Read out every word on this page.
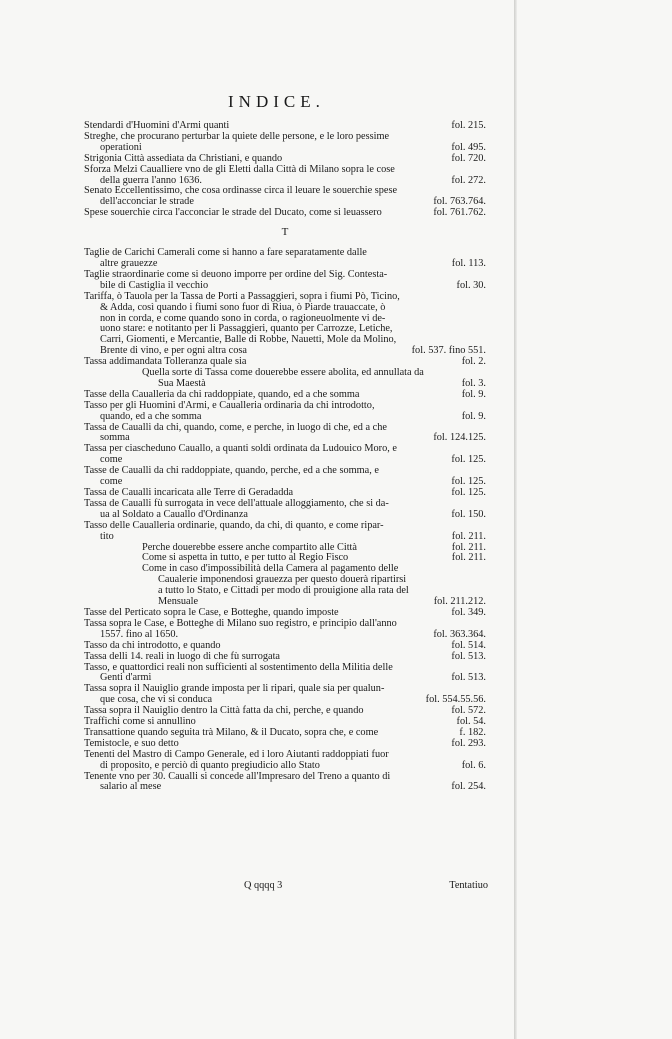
INDICE.
Stendardi d'Huomini d'Armi quanti	fol. 215.
Streghe, che procurano perturbar la quiete delle persone, e le loro pessime
operationi	fol. 495.
Strigonia Città assediata da Christiani, e quando	fol. 720.
Sforza Melzi Caualliere vno de gli Eletti dalla Città di Milano sopra le cose
della guerra l'anno 1636.	fol. 272.
Senato Eccellentissimo, che cosa ordinasse circa il leuare le souerchie spese
dell'acconciar le strade	fol. 763.764.
Spese souerchie circa l'acconciar le strade del Ducato, come si leuassero	fol. 761.762.
T
Taglie de Carichi Camerali come si hanno a fare separatamente dalle
altre grauezze	fol. 113.
Taglie straordinarie come si deuono imporre per ordine del Sig. Contesta-
bile di Castiglia il vecchio	fol. 30.
Tariffa, ò Tauola per la Tassa de Porti a Passaggieri, sopra i fiumi Pò, Ticino,
& Adda, così quando i fiumi sono fuor di Riua, ò Piarde trauaccate, ò
non in corda, e come quando sono in corda, o ragioneuolmente vi de-
uono stare: e notitanto per li Passaggieri, quanto per Carrozze, Letiche,
Carri, Giomenti, e Mercantie, Balle di Robbe, Nauetti, Mole da Molino,
Brente di vino, e per ogni altra cosa	fol. 537. fino 551.
Tassa addimandata Tolleranza quale sia	fol. 2.
Quella sorte di Tassa come douerebbe essere abolita, ed annullata da
Sua Maestà	fol. 3.
Tasse della Caualleria da chi raddoppiate, quando, ed a che somma	fol. 9.
Tasso per gli Huomini d'Armi, e Caualleria ordinaria da chi introdotto,
quando, ed a che somma	fol. 9.
Tassa de Caualli da chi, quando, come, e perche, in luogo di che, ed a che
somma	fol. 124.125.
Tassa per ciascheduno Cauallo, a quanti soldi ordinata da Ludouico Moro, e
come	fol. 125.
Tasse de Caualli da chi raddoppiate, quando, perche, ed a che somma, e
come	fol. 125.
Tassa de Caualli incaricata alle Terre di Geradadda	fol. 125.
Tassa de Caualli fù surrogata in vece dell'attuale alloggiamento, che si da-
ua al Soldato a Cauallo d'Ordinanza	fol. 150.
Tasso delle Caualleria ordinarie, quando, da chi, di quanto, e come ripar-
tito	fol. 211.
Perche douerebbe essere anche compartito alle Città	fol. 211.
Come si aspetta in tutto, e per tutto al Regio Fisco	fol. 211.
Come in caso d'impossibilità della Camera al pagamento delle
Caualerie imponendosi grauezza per questo douerà ripartirsi
a tutto lo Stato, e Cittadi per modo di prouigione alla rata del
Mensuale	fol. 211.212.
Tasse del Perticato sopra le Case, e Botteghe, quando imposte	fol. 349.
Tassa sopra le Case, e Botteghe di Milano suo registro, e principio dall'anno
1557. fino al 1650.	fol. 363.364.
Tasso da chi introdotto, e quando	fol. 514.
Tassa delli 14. reali in luogo di che fù surrogata	fol. 513.
Tasso, e quattordici reali non sufficienti al sostentimento della Militia delle
Genti d'armi	fol. 513.
Tassa sopra il Nauiglio grande imposta per li ripari, quale sia per qualun-
que cosa, che vi si conduca	fol. 554.55.56.
Tassa sopra il Nauiglio dentro la Città fatta da chi, perche, e quando	fol. 572.
Traffichi come si annullino	fol. 54.
Transattione quando seguita trà Milano, & il Ducato, sopra che, e come	f. 182.
Temistocle, e suo detto	fol. 293.
Tenenti del Mastro di Campo Generale, ed i loro Aiutanti raddoppiati fuor
di proposito, e perciò di quanto pregiudicio allo Stato	fol. 6.
Tenente vno per 30. Caualli si concede all'Impresaro del Treno a quanto di
salario al mese	fol. 254.
Q qqqq 3	Tentatiuo
